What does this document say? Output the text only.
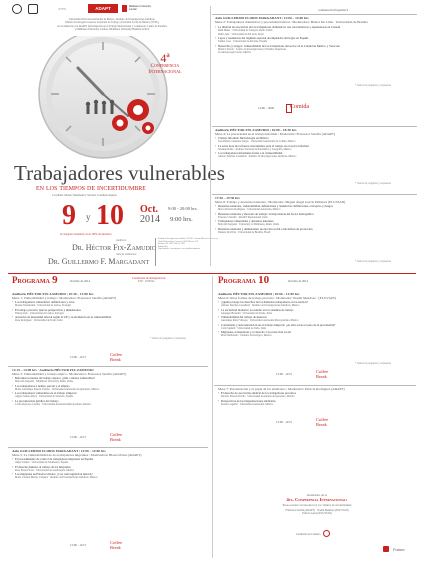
STPS	ADAPT	Middlesex University London
Universidad Nacional Autónoma de México, Instituto de Investigaciones Jurídicas,
Oficina del Abogado General, Secretaría de Trabajo y Previsión Social de México (STPS),
en coordinación con ADAPT (Investigación en el Trabajo Internacional y Comparado, Centro de Estudios
y Middlesex University London, Middlesex University Business School
4ª
Conferencia
Internacional
Trabajadores vulnerables
en los tiempos de incertidumbre
Coordinan: Moisés Tenenbaum y Salvador Castañeda Azpiazu
9 y 10 Oct.
2014
9:00 - 20:00 hrs.
9:00 hrs.
Se otorgará Constancia con el 100% de asistencia
Auditorio:
Dr. Héctor Fix-Zamudio
Aula de seminarios:
Dr. Guillermo F. Margadant
Instituto de Investigaciones Jurídicas, UNAM · Circuito Mario de la Cueva s/n,
Ciudad Universitaria, Coyoacán, 04510 México, D.F.
Informes: Tel. 5622 7474 ext. 1623
Entrada libre
Cupo limitado · Inscripciones: www.juridicas.unam.mx
continuación Programa 9
Aula GUILLERMO FLORIS MARGADANT | 12:00 – 14:00 hrs
Mesa 2: Trabajadores domésticos y precariedad laboral / Moderadora: Bianca De Lima · Universidad de Brasilia
• La libertad de asociación de los trabajadores domésticos: sus características y experiencias en Canadá
Ruth Dukes · Universidad de Glasgow, Reino Unido
Raúl Liebe · Universidad de Tel Aviv, Israel
• Leyes y tendencias del régimen especial de empleados del hogar en España
Sandra Caso · Universidad de Alicante, España
• Desarrollo y riesgos: vulnerabilidad de los trabajadores del sector en la Ciudad de México y Veracruz
Mónica Toledo · Centro de Investigaciones y Estudios Superiores
en Antropología Social, México
* Sesión de preguntas y respuestas
14:00 - 16:00	Comida
Auditorio HÉCTOR FIX-ZAMUDIO | 16:00 – 18:30 hrs
Mesa 4: La precariedad en el trabajo informal / Moderador: Francesca Serafin (ADAPT)
• Trabajo informal: Metodología en México
José Rafael Camarena Vargas · Universidad Autónoma de Colima, México
• La sexta hora de la fuerza: mecanismos para el trabajo en el sector informal
Susanne Rohte · Instituto Nacional de Estadística y Geografía, México
• Los trabajadores informales frente a la vulnerabilidad
Alberto Sánchez Castañeda · Instituto de Investigaciones Jurídicas, México
* Sesión de preguntas y respuestas
17:30 – 19:30 hrs
Mesa 6: Trabajo y desastres naturales / Moderador: Miguel Ángel García Peñaloza (ELUVIAN)
• Desastres naturales, vulnerabilidad, definiciones y tendencias: definiciones, conceptos y riesgos
Marco Ricardo Rodríguez · Universidad Autónoma, México
• Desastres naturales y mercado de trabajo: la importancia del factor demográfico
Francesca Serafin · ADAPT International, Italia
• Trabajadores vulnerables y desastres naturales
Malcolm Sargeant · University of Middlesex, Reino Unido
• Desastres naturales y ambientales: protección social e iniciativas de protección
Daniela De Oliva · Universidad de Brasilia, Brasil
* Sesión de preguntas y respuestas
Programa 9	Octubre de 2014
Ceremonia de Inauguración
9:30 · 10:00 hrs
Auditorio HÉCTOR FIX-ZAMUDIO | 10:30 – 12:00 hrs
Mesa 1: Vulnerabilidad y trabajo / Moderadora: Francesca Serafin (ADAPT)
• Los trabajadores vulnerables: definiciones y retos
Moisés Tenenbaum · Universidad de Lisboa, Portugal
• El trabajo precario: nuevas perspectivas y dimensiones
Tibisay Pelo · Universidad de Lisboa, Portugal
• Acuerdos de intensidad laboral según la UE y su incidencia en la vulnerabilidad
Rosa Rodríguez · Universidad de Turín, Italia
* Sesión de preguntas y respuestas
12:00 - 12:15	Coffee Break
12:15 – 14:00 hrs · Auditorio HÉCTOR FIX-ZAMUDIO
Mesa 3: Vulnerabilidad y trabajo atípico / Moderadora: Francesca Serafin (ADAPT)
• Reformas recientes del trabajo atípico: ¿más o menos vulnerables?
Malcolm Sargeant · Middlesex University, Reino Unido
• Los trabajadores a tiempo parcial y el empleo
María Guadalupe Salazar Llamas · Universidad Autónoma de Querétaro, México
• Los trabajadores vulnerables en el trabajo temporal
Ángela Vanesa Pérez · Universidad de Valencia, España
• La precarización jurídica del trabajo
Carlos Reynoso Castillo · Universidad Autónoma Metropolitana, México
12:00 - 12:15	Coffee Break
Aula GUILLERMO FLORIS MARGADANT | 12:00 – 14:00 hrs
Mesa 5: La vulnerabilidad de los trabajadores migrantes / Moderadora: Blanca Pérez (ADAPT)
• El procedimiento de control de trabajadores migrantes en España
Ángel Gómez · Universidad de Salamanca, España
• El derecho humano al trabajo de los migrantes
Rosa Elena Flores · Universidad de Guadalajara, México
• Los migrantes en Estados Unidos: ¿Con cuál regulación laboral?
María Carmen Macías Vázquez · Instituto de Investigaciones Jurídicas, México
12:00 - 12:15	Coffee Break
Programa 10	Octubre de 2014
Auditorio HÉCTOR FIX-ZAMUDIO | 10:00 – 12:00 hrs
Mesa 6: Otras formas de trabajo precario / Moderador: Noemí Mendoza · (ELUVIAN)
• ¿Quién protege los derechos de los llamados trabajadores en los hechos?
Alfredo Sánchez-Castañeda · Instituto de Investigaciones Jurídicas, México
• La esclavitud moderna: su estudio en los sistemas de trabajo
Giuseppe Bronzini · Universidad de Roma, Italia
• Vulnerabilidad del trabajo de menores
Guadalupe Pérez Villegas · Universidad Autónoma Metropolitana, México
• Contratistas y subcontratación en el trabajo temporal: ¿en ellos recae el peso de la precariedad?
Carla Spinelli · Universidad de Turín, Italia
• Migrantes, trabajadores y el derecho a la protección social
Pilar Maldonado · Instituto Tecnológico, México
* Sesión de preguntas y respuestas
12:00 - 12:15	Coffee Break
Mesa 7: Precarización y el papel de los sindicatos / Moderador: Patricia Rodríguez (ADAPT)
• El derecho de asociación sindical de los trabajadores precarios
Ricardo Ernesto Dávila · Universidad Autónoma de Querétaro, México
• Perspectivas de las Organizaciones sindicales
Roberto Aguilar · Universidad Autónoma, México
12:00 - 12:15	Coffee Break
Resultados de la
4ta. Conferencia Internacional:
Trabajadores vulnerables en los tiempos de incertidumbre
Francesca Serafin (ADAPT) · Noemí Mendoza (ELUVIAN)
Patricia García (ELUVIAN)
Ceremonia de Clausura
Futuro
